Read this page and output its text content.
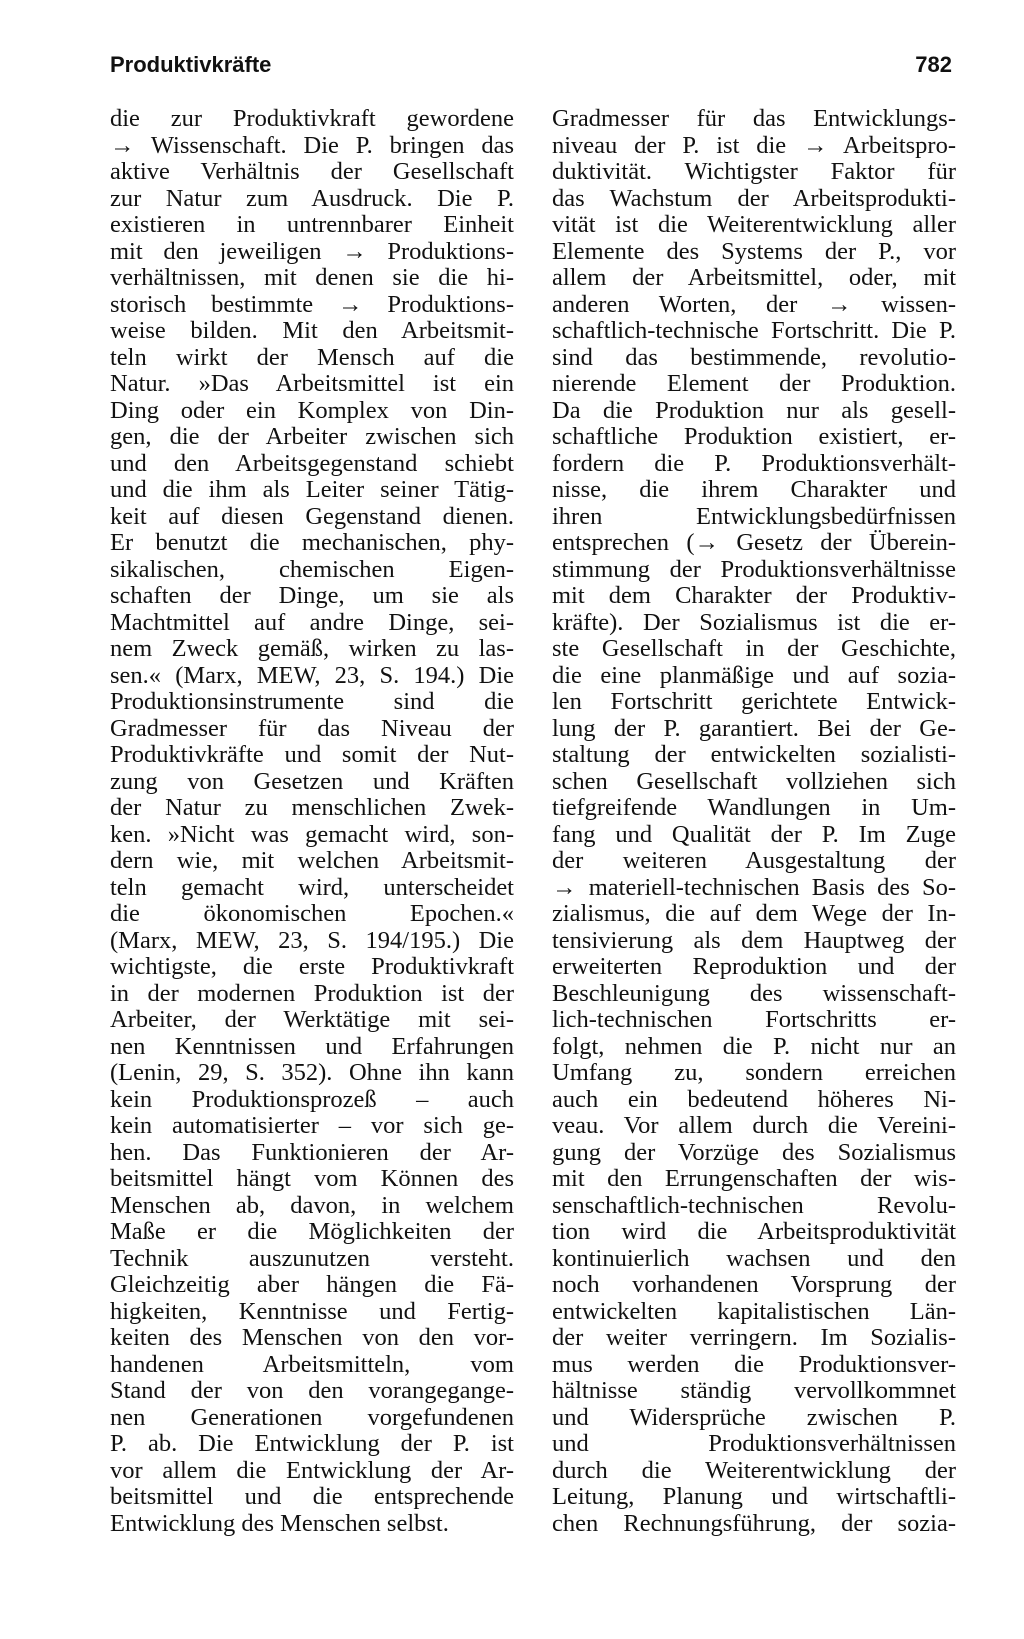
Produktivkräfte	782
die zur Produktivkraft gewordene
→ Wissenschaft. Die P. bringen das
aktive Verhältnis der Gesellschaft
zur Natur zum Ausdruck. Die P.
existieren in untrennbarer Einheit
mit den jeweiligen → Produktions-
verhältnissen, mit denen sie die hi-
storisch bestimmte → Produktions-
weise bilden. Mit den Arbeitsmit-
teln wirkt der Mensch auf die
Natur. »Das Arbeitsmittel ist ein
Ding oder ein Komplex von Din-
gen, die der Arbeiter zwischen sich
und den Arbeitsgegenstand schiebt
und die ihm als Leiter seiner Tätig-
keit auf diesen Gegenstand dienen.
Er benutzt die mechanischen, phy-
sikalischen, chemischen Eigen-
schaften der Dinge, um sie als
Machtmittel auf andre Dinge, sei-
nem Zweck gemäß, wirken zu las-
sen.« (Marx, MEW, 23, S. 194.) Die
Produktionsinstrumente sind die
Gradmesser für das Niveau der
Produktivkräfte und somit der Nut-
zung von Gesetzen und Kräften
der Natur zu menschlichen Zwek-
ken. »Nicht was gemacht wird, son-
dern wie, mit welchen Arbeitsmit-
teln gemacht wird, unterscheidet
die ökonomischen Epochen.«
(Marx, MEW, 23, S. 194/195.) Die
wichtigste, die erste Produktivkraft
in der modernen Produktion ist der
Arbeiter, der Werktätige mit sei-
nen Kenntnissen und Erfahrungen
(Lenin, 29, S. 352). Ohne ihn kann
kein Produktionsprozeß – auch
kein automatisierter – vor sich ge-
hen. Das Funktionieren der Ar-
beitsmittel hängt vom Können des
Menschen ab, davon, in welchem
Maße er die Möglichkeiten der
Technik auszunutzen versteht.
Gleichzeitig aber hängen die Fä-
higkeiten, Kenntnisse und Fertig-
keiten des Menschen von den vor-
handenen Arbeitsmitteln, vom
Stand der von den vorangegange-
nen Generationen vorgefundenen
P. ab. Die Entwicklung der P. ist
vor allem die Entwicklung der Ar-
beitsmittel und die entsprechende
Entwicklung des Menschen selbst.
Gradmesser für das Entwicklungs-
niveau der P. ist die → Arbeitspro-
duktivität. Wichtigster Faktor für
das Wachstum der Arbeitsprodukti-
vität ist die Weiterentwicklung aller
Elemente des Systems der P., vor
allem der Arbeitsmittel, oder, mit
anderen Worten, der → wissen-
schaftlich-technische Fortschritt. Die P.
sind das bestimmende, revolutio-
nierende Element der Produktion.
Da die Produktion nur als gesell-
schaftliche Produktion existiert, er-
fordern die P. Produktionsverhält-
nisse, die ihrem Charakter und
ihren Entwicklungsbedürfnissen
entsprechen (→ Gesetz der Überein-
stimmung der Produktionsverhältnisse
mit dem Charakter der Produktiv-
kräfte). Der Sozialismus ist die er-
ste Gesellschaft in der Geschichte,
die eine planmäßige und auf sozia-
len Fortschritt gerichtete Entwick-
lung der P. garantiert. Bei der Ge-
staltung der entwickelten sozialisti-
schen Gesellschaft vollziehen sich
tiefgreifende Wandlungen in Um-
fang und Qualität der P. Im Zuge
der weiteren Ausgestaltung der
→ materiell-technischen Basis des So-
zialismus, die auf dem Wege der In-
tensivierung als dem Hauptweg der
erweiterten Reproduktion und der
Beschleunigung des wissenschaft-
lich-technischen Fortschritts er-
folgt, nehmen die P. nicht nur an
Umfang zu, sondern erreichen
auch ein bedeutend höheres Ni-
veau. Vor allem durch die Vereini-
gung der Vorzüge des Sozialismus
mit den Errungenschaften der wis-
senschaftlich-technischen Revolu-
tion wird die Arbeitsproduktivität
kontinuierlich wachsen und den
noch vorhandenen Vorsprung der
entwickelten kapitalistischen Län-
der weiter verringern. Im Sozialis-
mus werden die Produktionsver-
hältnisse ständig vervollkommnet
und Widersprüche zwischen P.
und Produktionsverhältnissen
durch die Weiterentwicklung der
Leitung, Planung und wirtschaftli-
chen Rechnungsführung, der sozia-
